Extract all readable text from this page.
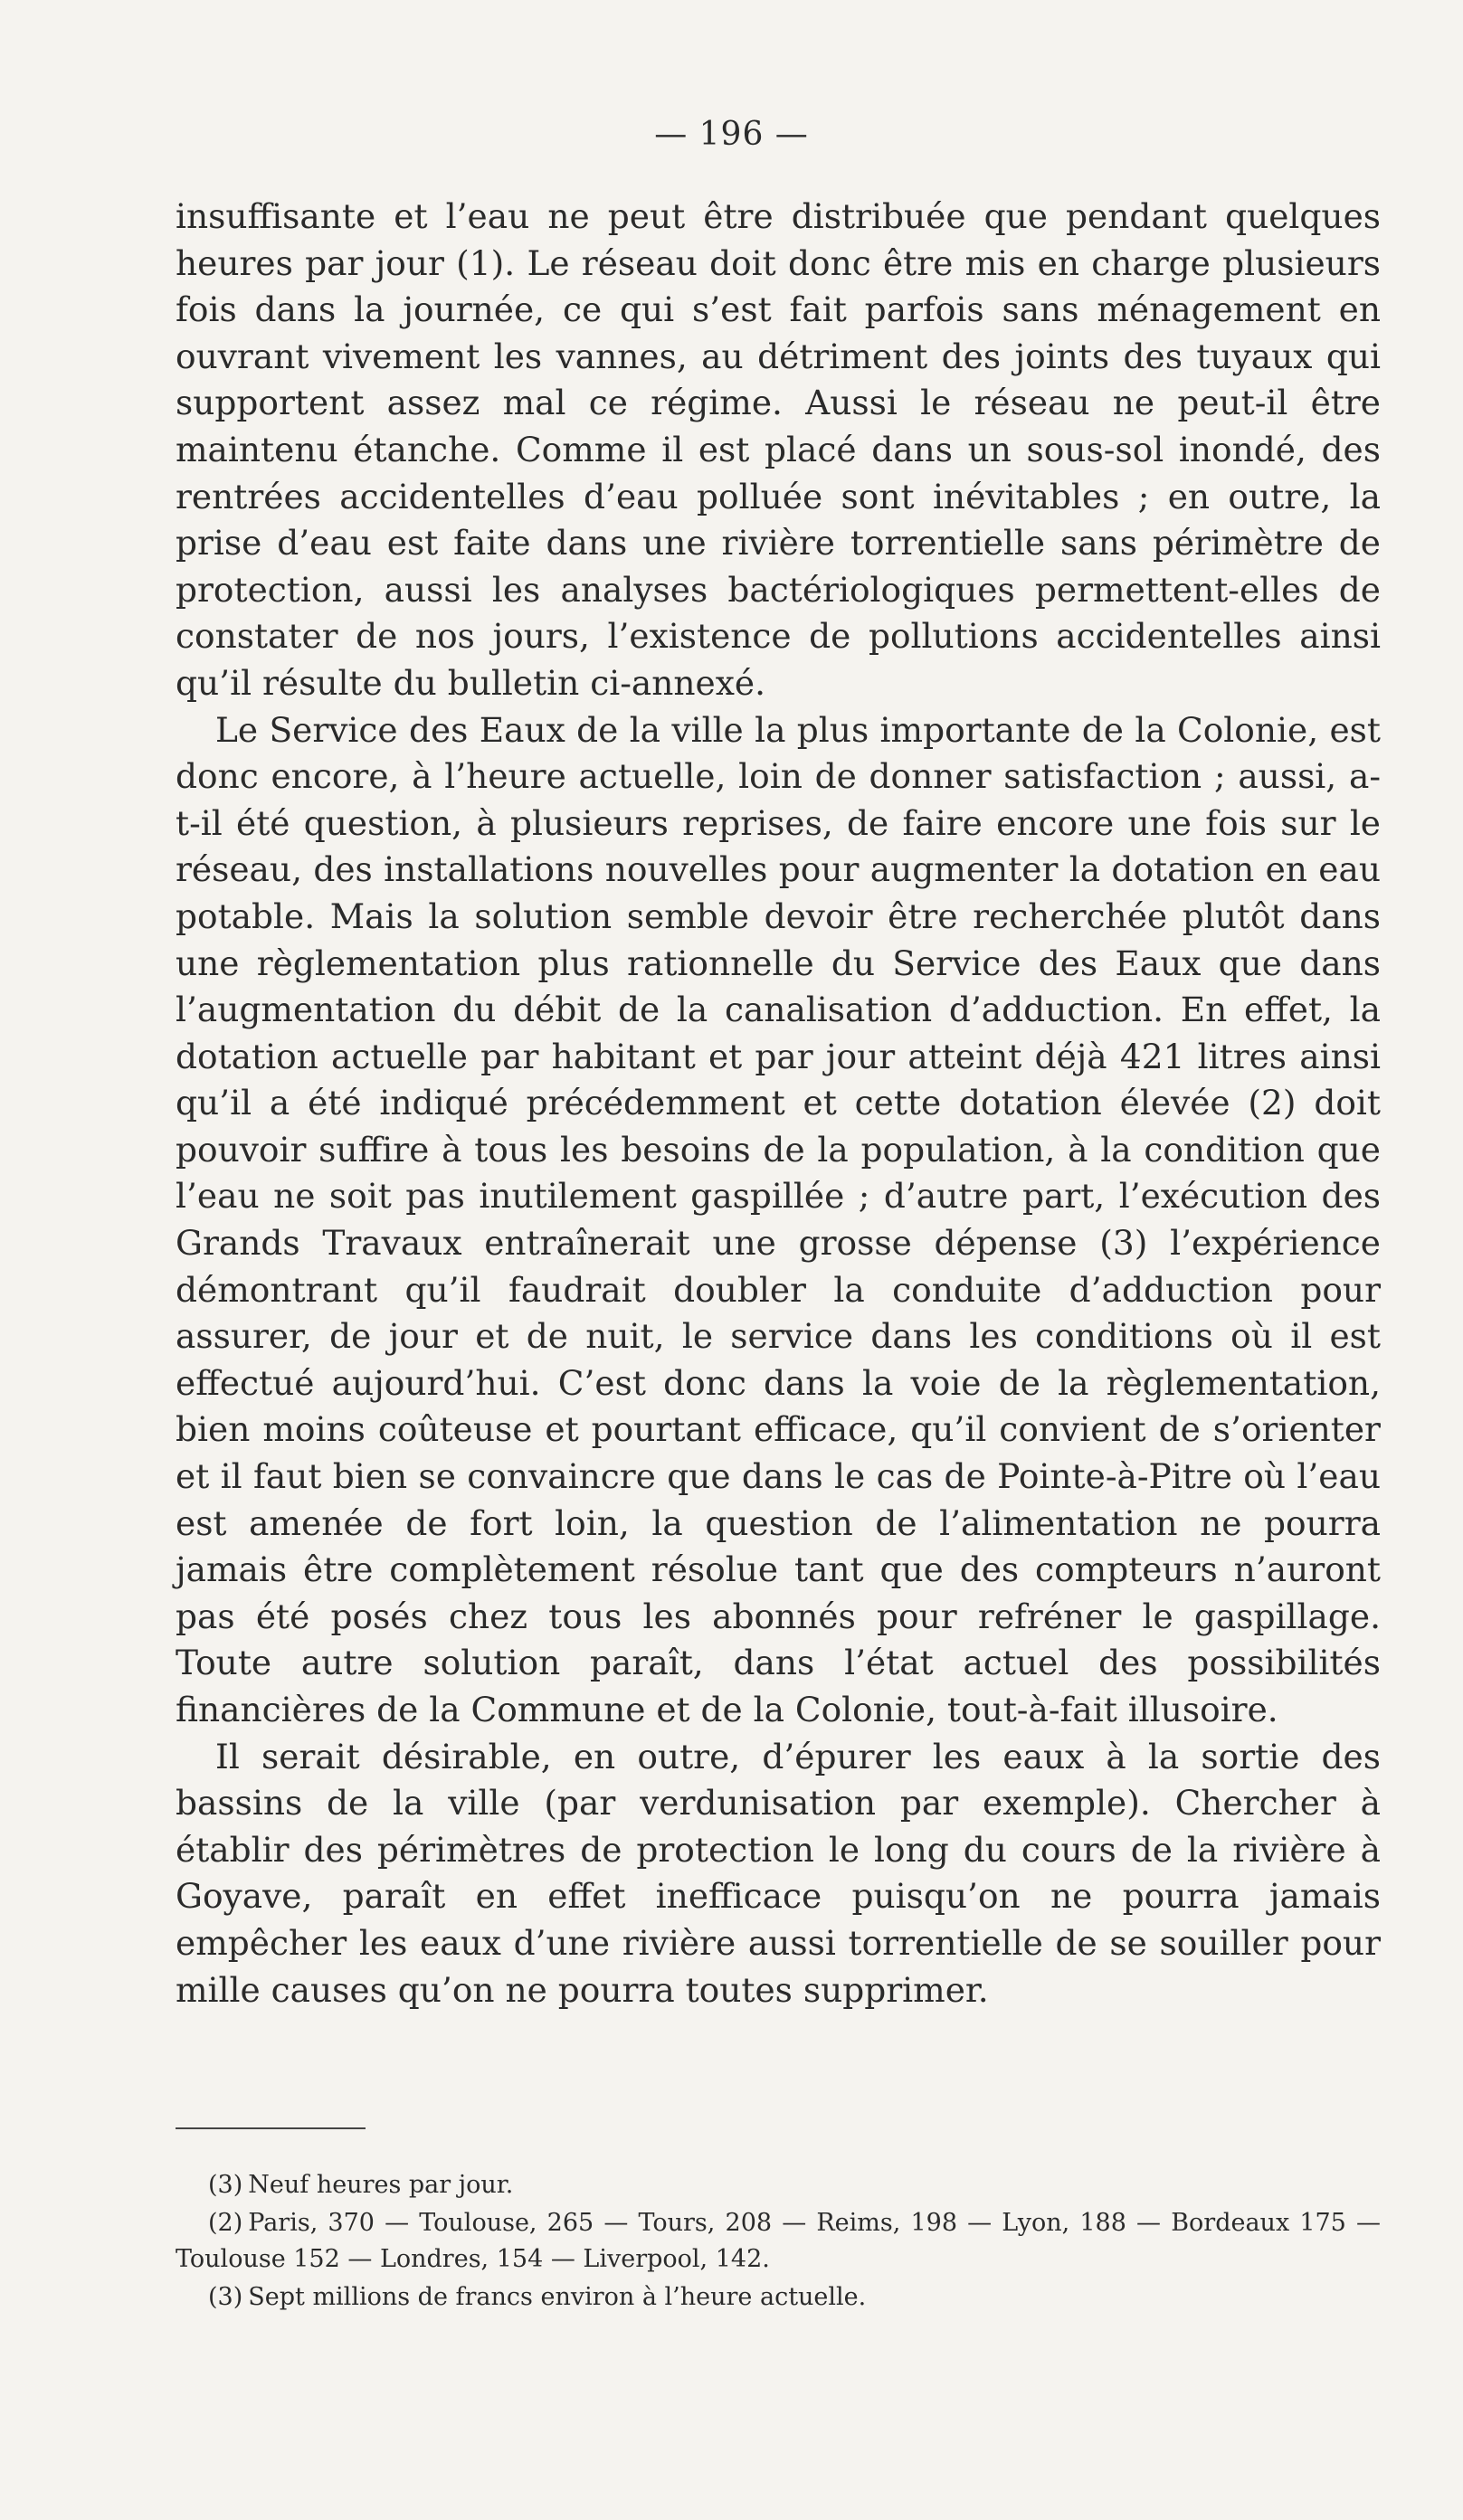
— 196 —

insuffisante et l’eau ne peut être distribuée que pendant quelques heures par jour (1). Le réseau doit donc être mis en charge plusieurs fois dans la journée, ce qui s’est fait parfois sans ménagement en ouvrant vivement les vannes, au détriment des joints des tuyaux qui supportent assez mal ce régime. Aussi le réseau ne peut-il être maintenu étanche. Comme il est placé dans un sous-sol inondé, des rentrées accidentelles d’eau polluée sont inévitables ; en outre, la prise d’eau est faite dans une rivière torrentielle sans périmètre de protection, aussi les analyses bactériologiques permettent-elles de constater de nos jours, l’existence de pollutions accidentelles ainsi qu’il résulte du bulletin ci-annexé.

Le Service des Eaux de la ville la plus importante de la Colonie, est donc encore, à l’heure actuelle, loin de donner satisfaction ; aussi, a-t-il été question, à plusieurs reprises, de faire encore une fois sur le réseau, des installations nouvelles pour augmenter la dotation en eau potable. Mais la solution semble devoir être recherchée plutôt dans une règlementation plus rationnelle du Service des Eaux que dans l’augmentation du débit de la canalisation d’adduction. En effet, la dotation actuelle par habitant et par jour atteint déjà 421 litres ainsi qu’il a été indiqué précédemment et cette dotation élevée (2) doit pouvoir suffire à tous les besoins de la population, à la condition que l’eau ne soit pas inutilement gaspillée ; d’autre part, l’exécution des Grands Travaux entraînerait une grosse dépense (3) l’expérience démontrant qu’il faudrait doubler la conduite d’adduction pour assurer, de jour et de nuit, le service dans les conditions où il est effectué aujourd’hui. C’est donc dans la voie de la règlementation, bien moins coûteuse et pourtant efficace, qu’il convient de s’orienter et il faut bien se convaincre que dans le cas de Pointe-à-Pitre où l’eau est amenée de fort loin, la question de l’alimentation ne pourra jamais être complètement résolue tant que des compteurs n’auront pas été posés chez tous les abonnés pour refréner le gaspillage. Toute autre solution paraît, dans l’état actuel des possibilités financières de la Commune et de la Colonie, tout-à-fait illusoire.

Il serait désirable, en outre, d’épurer les eaux à la sortie des bassins de la ville (par verdunisation par exemple). Chercher à établir des périmètres de protection le long du cours de la rivière à Goyave, paraît en effet inefficace puisqu’on ne pourra jamais empêcher les eaux d’une rivière aussi torrentielle de se souiller pour mille causes qu’on ne pourra toutes supprimer.

(3) Neuf heures par jour.

(2) Paris, 370 — Toulouse, 265 — Tours, 208 — Reims, 198 — Lyon, 188 — Bordeaux 175 — Toulouse 152 — Londres, 154 — Liverpool, 142.

(3) Sept millions de francs environ à l’heure actuelle.
